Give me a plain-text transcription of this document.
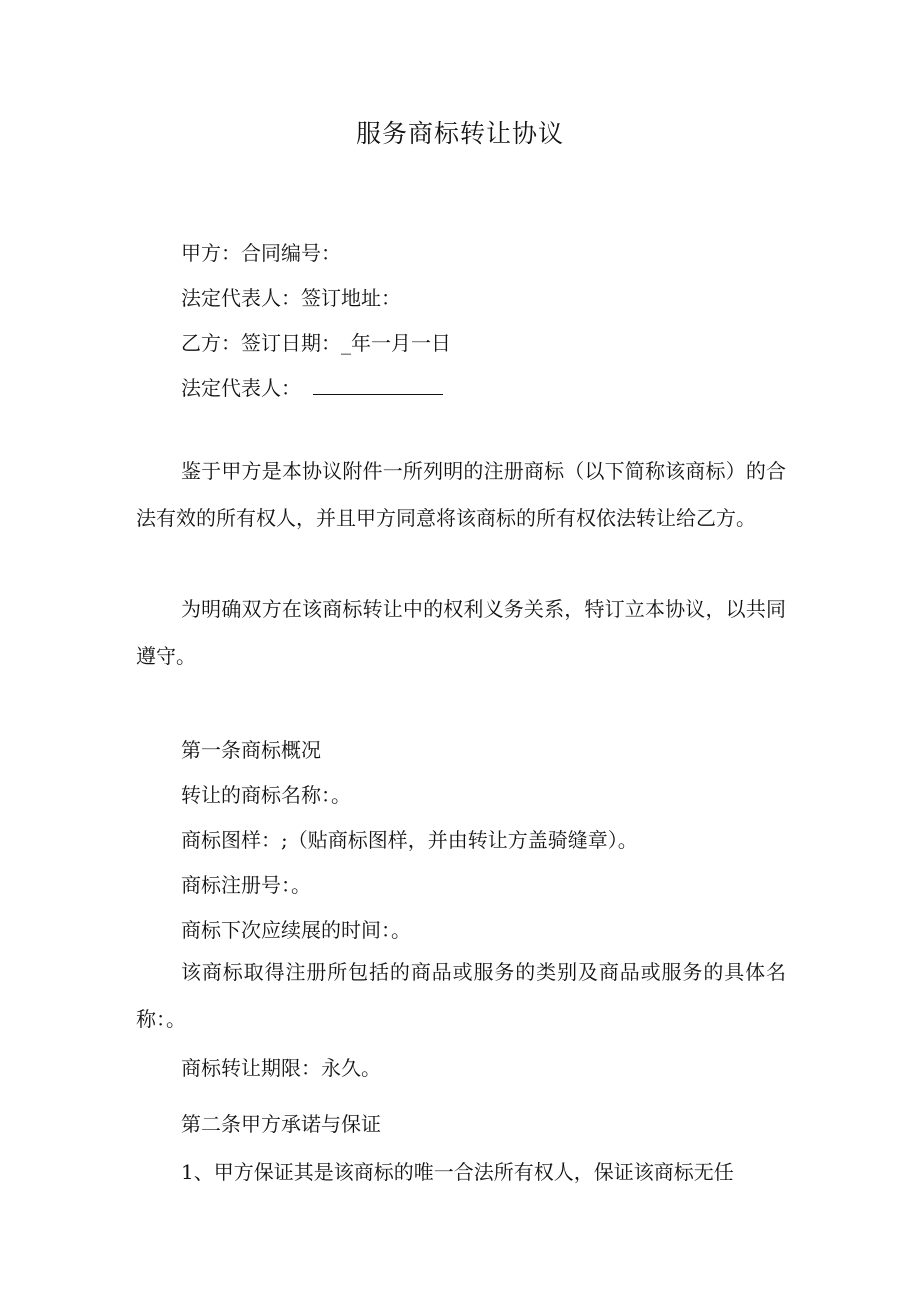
服务商标转让协议
甲方：合同编号：
法定代表人：签订地址：
乙方：签订日期：_年一月一日
法定代表人：
鉴于甲方是本协议附件一所列明的注册商标（以下简称该商标）的合法有效的所有权人，并且甲方同意将该商标的所有权依法转让给乙方。
为明确双方在该商标转让中的权利义务关系，特订立本协议，以共同遵守。
第一条商标概况
转让的商标名称：。
商标图样：;（贴商标图样，并由转让方盖骑缝章）。
商标注册号：。
商标下次应续展的时间：。
该商标取得注册所包括的商品或服务的类别及商品或服务的具体名称：。
商标转让期限：永久。
第二条甲方承诺与保证
1、甲方保证其是该商标的唯一合法所有权人，保证该商标无任
